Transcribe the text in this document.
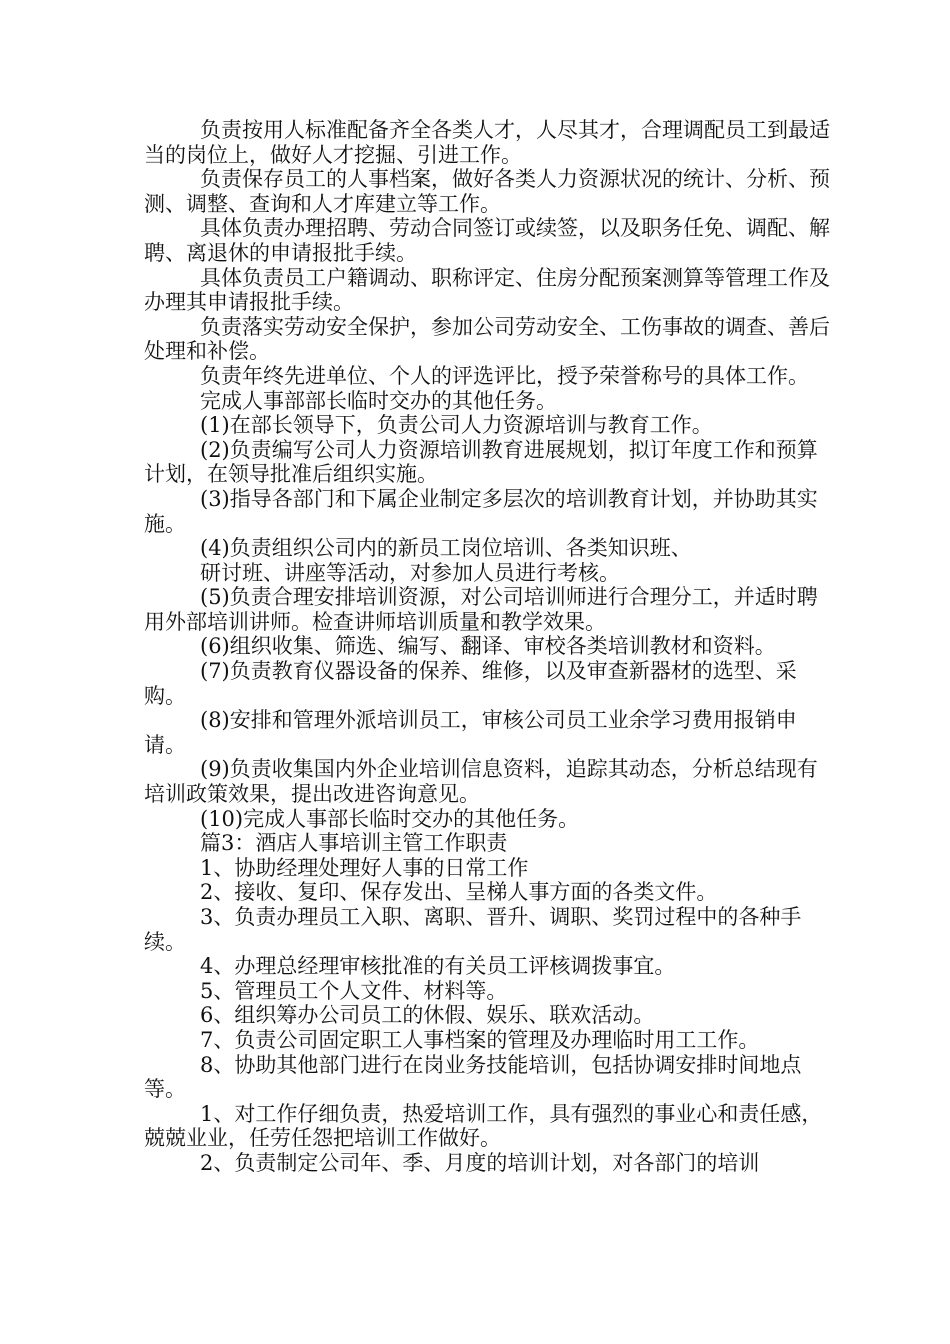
负责按用人标准配备齐全各类人才，人尽其才，合理调配员工到最适当的岗位上，做好人才挖掘、引进工作。

负责保存员工的人事档案，做好各类人力资源状况的统计、分析、预测、调整、查询和人才库建立等工作。

具体负责办理招聘、劳动合同签订或续签，以及职务任免、调配、解聘、离退休的申请报批手续。

具体负责员工户籍调动、职称评定、住房分配预案测算等管理工作及办理其申请报批手续。

负责落实劳动安全保护，参加公司劳动安全、工伤事故的调查、善后处理和补偿。

负责年终先进单位、个人的评选评比，授予荣誉称号的具体工作。

完成人事部部长临时交办的其他任务。

(1)在部长领导下，负责公司人力资源培训与教育工作。

(2)负责编写公司人力资源培训教育进展规划，拟订年度工作和预算计划，在领导批准后组织实施。

(3)指导各部门和下属企业制定多层次的培训教育计划，并协助其实施。

(4)负责组织公司内的新员工岗位培训、各类知识班、

研讨班、讲座等活动，对参加人员进行考核。

(5)负责合理安排培训资源，对公司培训师进行合理分工，并适时聘用外部培训讲师。检查讲师培训质量和教学效果。

(6)组织收集、筛选、编写、翻译、审校各类培训教材和资料。

(7)负责教育仪器设备的保养、维修，以及审查新器材的选型、采购。

(8)安排和管理外派培训员工，审核公司员工业余学习费用报销申请。

(9)负责收集国内外企业培训信息资料，追踪其动态，分析总结现有培训政策效果，提出改进咨询意见。

(10)完成人事部长临时交办的其他任务。

篇3：酒店人事培训主管工作职责

1、协助经理处理好人事的日常工作

2、接收、复印、保存发出、呈梯人事方面的各类文件。

3、负责办理员工入职、离职、晋升、调职、奖罚过程中的各种手续。

4、办理总经理审核批准的有关员工评核调拨事宜。

5、管理员工个人文件、材料等。

6、组织筹办公司员工的休假、娱乐、联欢活动。

7、负责公司固定职工人事档案的管理及办理临时用工工作。

8、协助其他部门进行在岗业务技能培训，包括协调安排时间地点等。

1、对工作仔细负责，热爱培训工作，具有强烈的事业心和责任感，兢兢业业，任劳任怨把培训工作做好。

2、负责制定公司年、季、月度的培训计划，对各部门的培训
